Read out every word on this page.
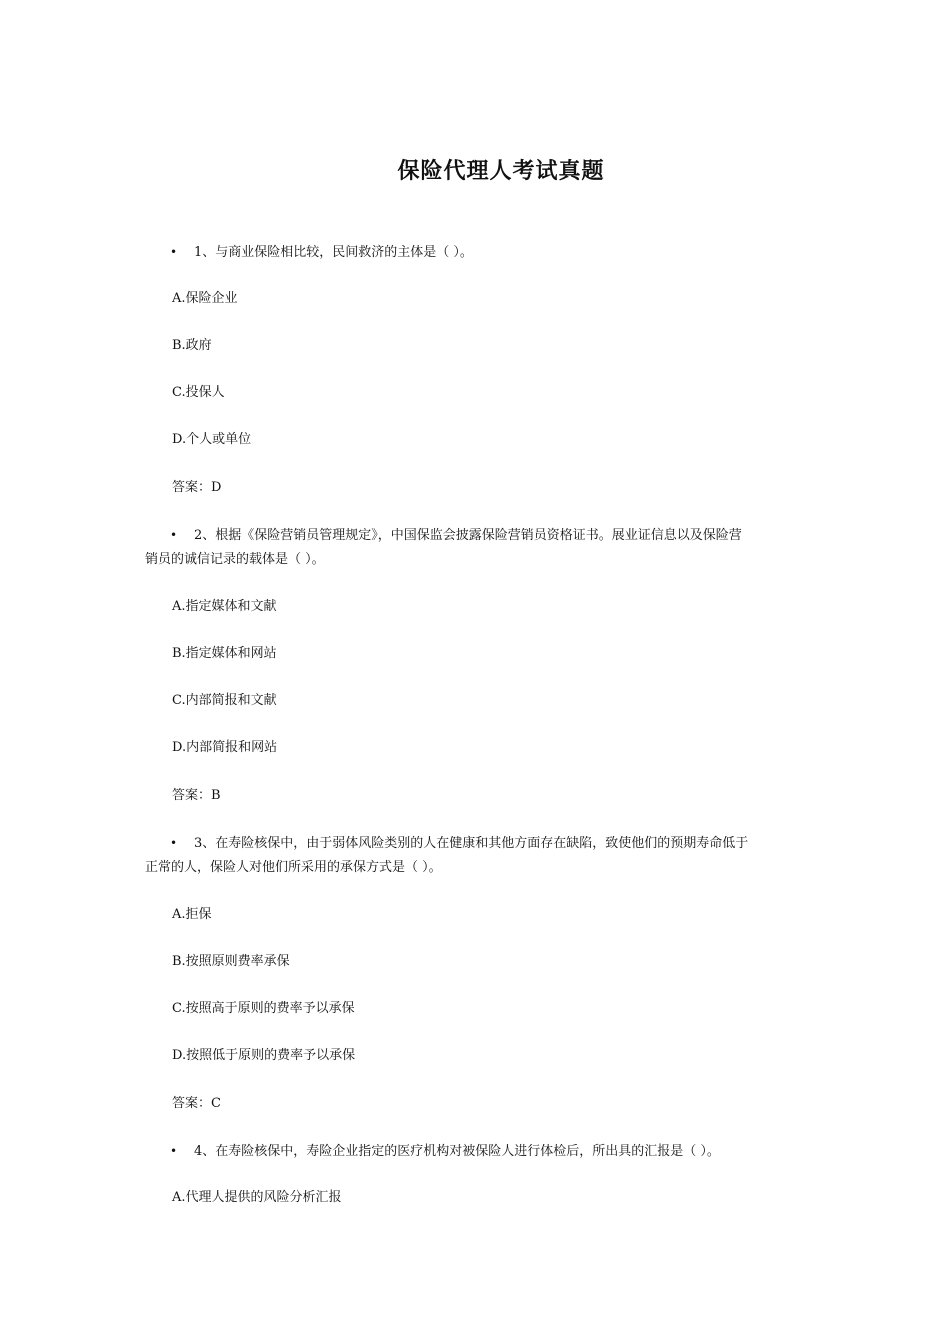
保险代理人考试真题
• 1、与商业保险相比较，民间救济的主体是（ ）。
A.保险企业
B.政府
C.投保人
D.个人或单位
答案：D
• 2、根据《保险营销员管理规定》，中国保监会披露保险营销员资格证书。展业证信息以及保险营
销员的诚信记录的载体是（ ）。
A.指定媒体和文献
B.指定媒体和网站
C.内部简报和文献
D.内部简报和网站
答案：B
• 3、在寿险核保中，由于弱体风险类别的人在健康和其他方面存在缺陷，致使他们的预期寿命低于
正常的人，保险人对他们所采用的承保方式是（ ）。
A.拒保
B.按照原则费率承保
C.按照高于原则的费率予以承保
D.按照低于原则的费率予以承保
答案：C
• 4、在寿险核保中，寿险企业指定的医疗机构对被保险人进行体检后，所出具的汇报是（ ）。
A.代理人提供的风险分析汇报
